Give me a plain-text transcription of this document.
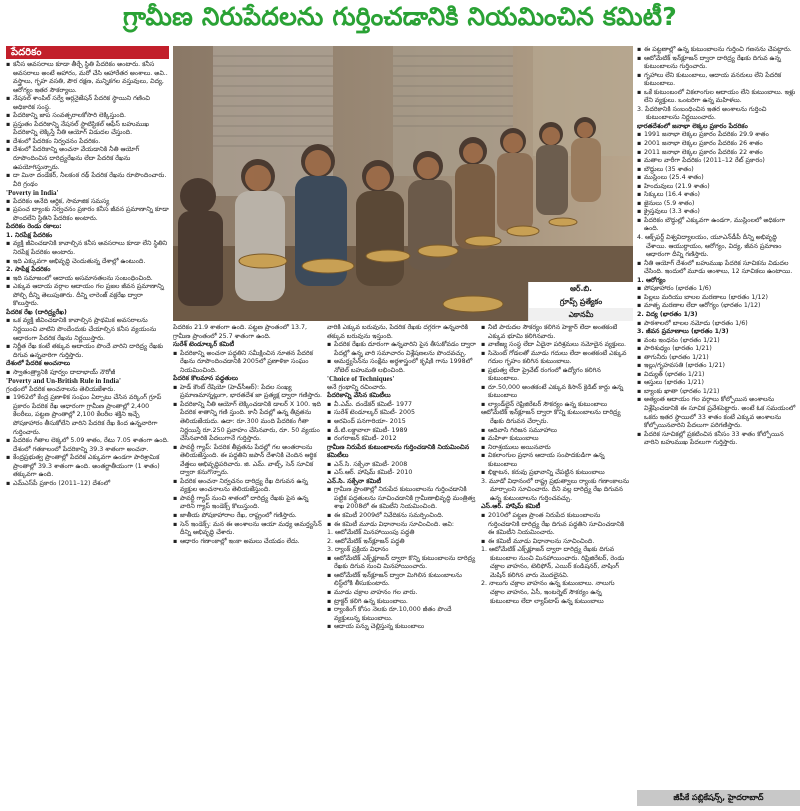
గ్రామీణ నిరుపేదలను గుర్తించడానికి నియమించిన కమిటీ?
ఆర్‌.బి.
గ్రూప్స్‌ ప్రత్యేకం
ఎకానమీ
పేదరికం

▪ కనీస అవసరాలు కూడా తీర్చే స్థితి పేదరికం అంటారు. కనీస అవసరాలు అంటే ఆహారం, మరో చేసి ఆహారేతర అంశాలు. అవి.. వస్త్రాలు, గృహ వసతి, పౌర రక్షణ, మన్నికగల వస్తువులు, విద్య, ఆరోగ్యం ఇతర సౌకర్యాలు.

▪ నేషనల్ శాంపిల్ సర్వే ఆర్గనైజేషన్ పేదరిక స్థాయిని గణించి అధికారిక సంస్థ.

▪ పేదరికాన్ని జాప సంవత్సరాలకోసారి లెక్కిస్తుంది.

▪ ప్రస్తుతం పేదరికాన్ని నేషనల్ స్టాటిస్టికల్ ఆఫీస్ బహుముఖ పేదరికాన్ని లెక్కిస్తే నీతి ఆయోగ్ విడుదల చేస్తుంది.

▪ దేశంలో పేదరికం నిర్వచనం పేదరికం.

▪ దేశంలో పేదరికాన్ని అంచనా వేయడానికి నీతి ఆయోగ్ రూపొందించిన దారిద్ర్యరేఖను లేదా పేదరిక రేఖను ఉపయోగిస్తున్నారు.

▪ దా మినా దండేకర్, నీలకంఠ రథ్ పేదరిక రేఖను రూపొందించారు. వీరి గ్రంథం

'Poverty in India'

▪ పేదరికం అనేది ఆర్థిక, సామాజిక సమస్య

▪ ప్రపంచ బ్యాంకు నిర్వచనం ప్రకారం కనీస జీవన ప్రమాణాన్ని కూడా పొందలేని స్థితిని పేదరికం అంటారు.

పేదరికం రెండు రకాలు:

1. నిరపేక్ష పేదరికం

▪ వ్యక్తి జీవించడానికి కావాల్సిన కనీస అవసరాలు కూడా లేని స్థితిని నిరపేక్ష పేదరికం అంటారు.

▪ ఇది ఎక్కువగా అభివృద్ధి చెందుతున్న దేశాల్లో ఉంటుంది.

2. సాపేక్ష పేదరికం

▪ ఇది సమాజంలో ఆదాయ అసమానతలను సంబంధించింది.

▪ ఎక్కువ ఆదాయ వర్గాల ఆదాయం గల ప్రజల జీవన ప్రమాణాన్ని పోల్చి దీన్ని తెలుపుతారు. దీన్ని లారెంజ్ వక్రరేఖ ద్వారా కొలుస్తారు.

పేదరిక రేఖ (దారిద్ర్యరేఖ)

▪ ఒక వ్యక్తి జీవించడానికి కావాల్సిన ప్రాథమిక అవసరాలను నిర్ణయించి వాటిని పొందేందుకు చేయాల్సిన కనీస వ్యయంను ఆధారంగా పేదరిక రేఖను నిర్ణయిస్తారు.

▪ నిర్ణీత రేఖ కంటే తక్కువ ఆదాయం పొందే వారిని దారిద్ర్య రేఖకు దిగువ ఉన్నవారిగా గుర్తిస్తారు.

దేశంలో పేదరిక అంచనాలు

▪ స్వాతంత్ర్యానికి పూర్వం దాదాభాయ్ నౌరోజీ

'Poverty and Un-British Rule in India'

గ్రంథంలో పేదరిక అంచనాలను తెలియజేశారు.

▪ 1962లో కేంద్ర ప్రణాళిక సంఘం ఏర్పాటు చేసిన వర్కింగ్ గ్రూప్ ప్రకారం పేదరిక రేఖ ఆధారంగా గ్రామీణ ప్రాంతాల్లో 2,400 కేలరీలు, పట్టణ ప్రాంతాల్లో 2,100 కేలరీల శక్తిని ఇచ్చే పోషకాహారం తీసుకోలేని వారిని పేదరిక రేఖ కింద ఉన్నవారిగా గుర్తించారు.

▪ పేదరికం గీతాల లెక్కలో 5.09 శాతం, రేటు 7.05 శాతంగా ఉంది. దేశంలో గతకాలంలో పేదరికాన్ని 39.3 శాతంగా అంచనా.

▪ కేంద్రప్రభుత్వ ప్రాంతాల్లో పేదరిక ఎక్కువగా ఉండగా పారిశ్రామిక ప్రాంతాల్లో 39.3 శాతంగా ఉంది. అంతర్జాతీయంగా (1 శాతం) తక్కువగా ఉంది.

▪ ఎమ్‌ఎస్‌పీ ప్రకారం (2011–12) దేశంలో

పేదరికం 21.9 శాతంగా ఉంది. పట్టణ ప్రాంతంలో 13.7, గ్రామీణ ప్రాంతంలో 25.7 శాతంగా ఉంది.

సురేశ్ టెండూల్కర్ కమిటీ

▪ పేదరికాన్ని అంచనా పద్ధతిని సమీక్షించిన నూతన పేదరిక రేఖను రూపొందించడానికి 2005లో ప్రణాళికా సంఘం నియమించింది.

పేదరిక కొలమాన పద్ధతులు

▪ హెడ్ కౌంట్ రేషియో (హెచ్‌సీఆర్): పేదల సంఖ్య ప్రమాణమాన్నట్లుగా, భారతదేశ జా ప్రత్యక్ష ద్వారా గణిస్తారు.

▪ పేదరికాన్ని నీతి ఆయోగ్ లెక్కించడానికి డాలర్ X 100. ఇది పేదరిక శాతాన్ని గణి స్తుంది. కానీ పేదల్లో ఉన్న తీవ్రతను తెలియజేయదు. ఉదా: రూ.300 మంది పేదరికం గీతా నిర్ణయిస్తే రూ.250 ప్రవాహం చేసినవారు, రూ. 50 వ్యయం చేసినవారికి పేదలుగానే గుర్తిస్తారు.

▪ పావర్టీ గ్యాప్: పేదరిక తీవ్రతను పేదల్లో గల అంతరాలను తెలియజేస్తుంది. ఈ పద్ధతిని జపాన్ దేశానికి చెందిన ఆర్థిక వేత్తలు అభివృద్ధిపరిచారు. జి. ఎమ్. వాట్స్, సెన్ సూచిక ద్వారా కనుగొన్నారు.

▪ పేదరిక అంచనా నిర్వచనం దారిద్ర్య రేఖ దిగువన ఉన్న వ్యక్తుల అంచనాలను తెలియజేస్తుంది.

▪ పావర్టీ గ్యాప్ నుంచి శాతంలో దారిద్ర్య రేఖకు పైన ఉన్న వారిని గ్యాప్ ఇండెక్స్ కొలుస్తుంది.

▪ జాతీయ పోషకాహారాల రేఖ, రాష్ట్రంలో గణిస్తారు.

▪ సెన్ ఇండెక్స్: మన ఈ అంశాలను ఆయా మధ్య అమర్త్యసేన్ దీన్ని అభివృద్ధి చేశారు.

▪ ఆధారం గణాంకాల్లో ఇంకా అమలు చేయడం లేదు.

వారికి ఎక్కువ బరువును, పేదరిక రేఖకు దగ్గరగా ఉన్నవారికి తక్కువ బరువును ఇస్తుంది.

▪ పేదరిక రేఖకు దూరంగా ఉన్నవారిని పైన తీసుకోవడం ద్వారా పేదల్లో ఉన్న వారి సమాచారం విశ్లేషణలను పొందవచ్చు.

▪ అమర్త్యసేన్‌ను సంక్షేమ అర్థశాస్త్రంలో కృషికి గాను 1998లో నోబెల్ బహుమతి లభించింది.

'Choice of Techniques'

అనే గ్రంథాన్ని రచించారు.

పేదరికాన్ని వేసిన కమిటీలు

▪ వీ.ఎమ్. దండేకర్ కమిటీ- 1977

▪ సురేశ్ టెండూల్కర్ కమిటీ- 2005

▪ అరవింద్ పనగారియా- 2015

▪ డీ.టి.లక్డావాలా కమిటీ- 1989

▪ రంగరాజన్ కమిటీ- 2012

గ్రామీణ నిరుపేద కుటుంబాలను గుర్తించడానికి నియమించిన కమిటీలు

▪ ఎన్.సి. సక్సేనా కమిటీ- 2008

▪ ఎస్.ఆర్. హాషిమ్ కమిటీ- 2010

ఎన్.సి. సక్సేనా కమిటీ

▪ గ్రామీణ ప్రాంతాల్లో నిరుపేద కుటుంబాలను గుర్తించడానికి పట్టిక పద్ధతులను సూచించడానికి గ్రామీణాభివృద్ధి మంత్రిత్వ శాఖ 2008లో ఈ కమిటీని నియమించింది.

▪ ఈ కమిటీ 2009లో నివేదికను సమర్పించింది.

▪ ఈ కమిటీ మూడు విధానాలను సూచించింది. అవి:

1. ఆటోమేటిక్ మినహాయింపు పద్ధతి

2. ఆటోమేటిక్ ఇన్‌క్లూజన్ పద్ధతి

3. ర్యాంక్ ప్రక్రియ విధానం

▪ ఆటోమేటిక్ ఎక్స్‌క్లూజన్ ద్వారా కొన్ని కుటుంబాలను దారిద్ర్య రేఖకు దిగువ నుంచి మినహాయించారు.

▪ ఆటోమేటిక్ ఇన్‌క్లూజన్ ద్వారా మిగిలిన కుటుంబాలను లిస్ట్‌లోకి తీసుకుంటారు.

▪ మూడు చక్రాల వాహనం గల వారు.

▪ ట్రాక్టర్ కలిగి ఉన్న కుటుంబాలు.

▪ ర్యాంకింగ్ కోసం నెలకు రూ.10,000 జీతం పొందే వ్యక్తులున్న కుటుంబాలు.

▪ ఆదాయ పన్ను చెల్లిస్తున్న కుటుంబాలు

▪ నీటి పారుదల సౌకర్యం కలిగిన హెక్టార్ లేదా అంతకంటే ఎక్కువ భూమి కలిగినవారు.

▪ వాణిజ్య సంస్థ లేదా ఏదైనా పరిశ్రమలు నమోదైన వ్యక్తులు.

▪ సిమెంట్ గోడలతో మూడు గదులు లేదా అంతకంటే ఎక్కువ గదుల గృహం కలిగిన కుటుంబాలు.

▪ ప్రభుత్వ లేదా ప్రైవేట్ రంగంలో ఉద్యోగం కలిగిన కుటుంబాలు.

▪ రూ.50,000 అంతకంటే ఎక్కువ కిసాన్ క్రెడిట్ కార్డు ఉన్న కుటుంబాలు

▪ ల్యాండ్‌లైన్ రెఫ్రిజిరేటర్ సౌకర్యం ఉన్న కుటుంబాలు

ఆటోమేటిక్ ఇన్‌క్లూజన్ ద్వారా కొన్ని కుటుంబాలను దారిద్ర్య రేఖకు దిగువన చేర్చారు.

▪ ఆదివాసి గిరిజన సమూహాలు

▪ మహిళా కుటుంబాలు

▪ నిరాశ్రయులు అయినవారు

▪ వికలాంగుల ప్రధాన ఆదాయ సంపాదకుడిగా ఉన్న కుటుంబాలు

▪ భిక్షాటన, కరువు ప్రభావాన్ని చేపట్టిన కుటుంబాలు

3. మూడో విధానంలో రాష్ట్ర ప్రభుత్వాలు ర్యాంకు గణాంకాలను మార్చాలని సూచించారు. దీని వల్ల దారిద్ర్య రేఖ దిగువన ఉన్న కుటుంబాలను గుర్తించవచ్చు.

ఎస్.ఆర్. హాషిమ్ కమిటీ

▪ 2010లో పట్టణ ప్రాంత నిరుపేద కుటుంబాలను గుర్తించడానికి దారిద్ర్య రేఖ దిగువ పద్ధతిని సూచించడానికి ఈ కమిటీని నియమించారు.

▪ ఈ కమిటీ మూడు విధానాలను సూచించింది.

1. ఆటోమేటిక్ ఎక్స్‌క్లూజన్ ద్వారా దారిద్ర్య రేఖకు దిగువ కుటుంబాల నుంచి మినహాయించారు. రిఫ్రిజిరేటర్, రెండు చక్రాల వాహనం, టెలిఫోన్, ఎయిర్ కండిషనర్, వాషింగ్ మెషిన్ కలిగిన వారు మొదలైనవి.

2. నాలుగు చక్రాల వాహనం ఉన్న కుటుంబాలు. నాలుగు చక్రాల వాహనం, ఏసీ, ఇంటర్నెట్ సౌకర్యం ఉన్న కుటుంబాలు లేదా ల్యాప్‌టాప్ ఉన్న కుటుంబాలు

▪ ఈ పట్టణాల్లో ఉన్న కుటుంబాలను గుర్తించి గణనను చేపట్టారు.

▪ ఆటోమేటిక్ ఇన్‌క్లూజన్ ద్వారా దారిద్ర్య రేఖకు దిగువ ఉన్న కుటుంబాలను గుర్తించారు.

▪ గృహాలు లేని కుటుంబాలు, ఆదాయ వనరులు లేని పేదరిక కుటుంబాలు.

▪ ఒకే కుటుంబంలో వికలాంగుల ఆదాయం లేని కుటుంబాలు. ఇళ్లు లేని వ్యక్తులు. ఒంటరిగా ఉన్న మహిళలు.

3. పేదరికానికి సంబంధించిన ఇతర అంశాలను గుర్తించి కుటుంబాలను నిర్ణయించారు.

భారతదేశంలో జనాభా లెక్కల ప్రకారం పేదరికం

▪ 1991 జనాభా లెక్కల ప్రకారం పేదరికం 29.9 శాతం

▪ 2001 జనాభా లెక్కల ప్రకారం పేదరికం 26 శాతం

▪ 2011 జనాభా లెక్కల ప్రకారం పేదరికం 22 శాతం

▪ మతాల వారీగా పేదరికం (2011–12 రేట్ ప్రకారం)

▪ బౌద్ధులు (35 శాతం)

▪ ముస్లింలు (25.4 శాతం)

▪ హిందువులు (21.9 శాతం)

▪ సిక్కులు (16.4 శాతం)

▪ జైనులు (5.9 శాతం)

▪ క్రైస్తవులు (3.3 శాతం)

▪ పేదరికం బౌద్ధుల్లో ఎక్కువగా ఉండగా, ముస్లింలలో అధికంగా ఉంది.

4. ఆక్స్‌ఫర్డ్ విశ్వవిద్యాలయం, యూఎన్‌డీపీ దీన్ని అభివృద్ధి చేశాయి. ఆయుర్దాయం, ఆరోగ్యం, విద్య, జీవన ప్రమాణం ఆధారంగా దీన్ని గణిస్తారు.

▪ నీతి ఆయోగ్ దేశంలో బహుముఖ పేదరిక సూచికను విడుదల చేసింది. ఇందులో మూడు అంశాలు, 12 సూచికలు ఉంటాయి.

1. ఆరోగ్యం

▪ పోషకాహారం (భారతం 1/6)

▪ పిల్లలు మరియు బాలల మరణాలు (భారతం 1/12)

▪ మాతృ మరణాల లేదా ఆరోగ్యం (భారతం 1/12)

2. విద్య (భారతం 1/3)

▪ పాఠశాలలో బాలల నమోదు (భారతం 1/6)

3. జీవన ప్రమాణాలు (భారతం 1/3)

▪ వంట ఇంధనం (భారతం 1/21)

▪ పారిశుధ్యం (భారతం 1/21)

▪ తాగునీరు (భారతం 1/21)

▪ ఇల్లు/గృహవసతి (భారతం 1/21)

▪ విద్యుత్ (భారతం 1/21)

▪ ఆస్తులు (భారతం 1/21)

▪ బ్యాంకు ఖాతా (భారతం 1/21)

▪ అత్యంత ఆదాయం గల వర్గాలు కోల్పోయిన అంశాలను విశ్లేషించడానికి ఈ సూచిక ప్రవేశపెట్టారు. అంటే ఓక సమయంలో ఒకరు ఇతర స్థాయిలో 33 శాతం కంటే ఎక్కువ అంశాలను కోల్పోయినవారిని పేదలుగా పరిగణిస్తారు.

▪ పేదరిక సూచికల్లో ప్రకటించిన కనీసం 33 శాతం కోల్పోయిన వారిని బహుముఖ పేదలుగా గుర్తిస్తారు.

జీపీకే పబ్లికేషన్స్, హైదరాబాద్
